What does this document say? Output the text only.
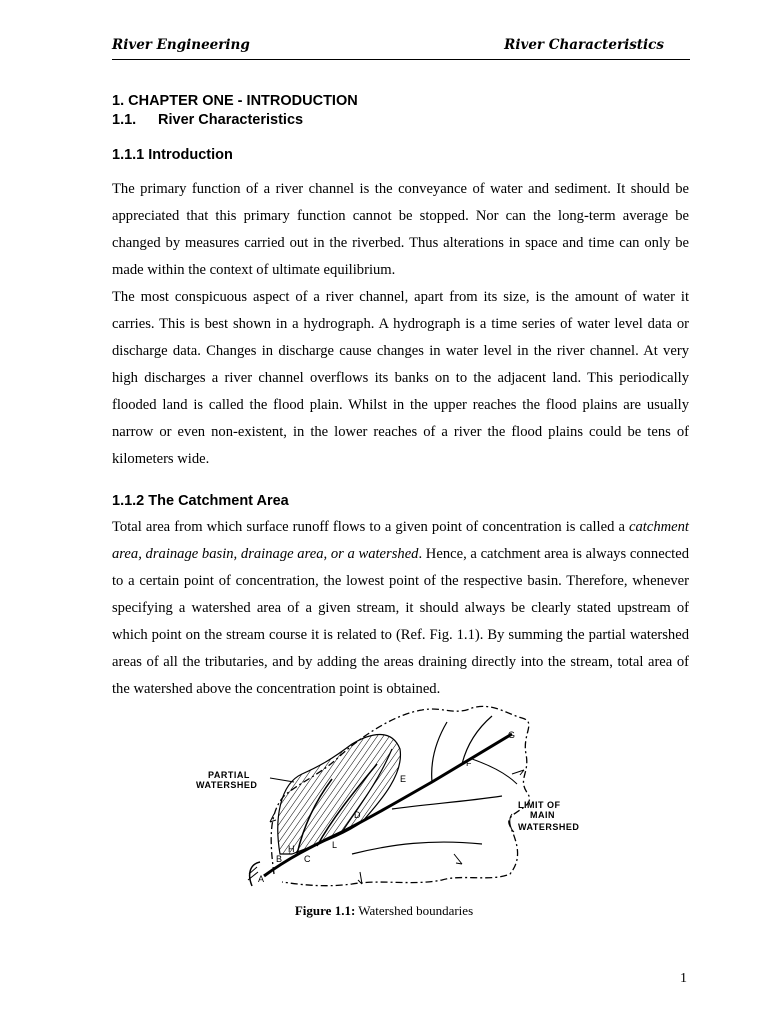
River Engineering	River Characteristics
1. CHAPTER ONE - INTRODUCTION
1.1. River Characteristics
1.1.1 Introduction
The primary function of a river channel is the conveyance of water and sediment. It should be appreciated that this primary function cannot be stopped. Nor can the long-term average be changed by measures carried out in the riverbed. Thus alterations in space and time can only be made within the context of ultimate equilibrium.
The most conspicuous aspect of a river channel, apart from its size, is the amount of water it carries. This is best shown in a hydrograph. A hydrograph is a time series of water level data or discharge data. Changes in discharge cause changes in water level in the river channel. At very high discharges a river channel overflows its banks on to the adjacent land. This periodically flooded land is called the flood plain. Whilst in the upper reaches the flood plains are usually narrow or even non-existent, in the lower reaches of a river the flood plains could be tens of kilometers wide.
1.1.2 The Catchment Area
Total area from which surface runoff flows to a given point of concentration is called a catchment area, drainage basin, drainage area, or a watershed. Hence, a catchment area is always connected to a certain point of concentration, the lowest point of the respective basin. Therefore, whenever specifying a watershed area of a given stream, it should always be clearly stated upstream of which point on the stream course it is related to (Ref. Fig. 1.1). By summing the partial watershed areas of all the tributaries, and by adding the areas draining directly into the stream, total area of the watershed above the concentration point is obtained.
PARTIAL
WATERSHED
LIMIT OF
MAIN
WATERSHED
A
B
H
C
L
D
E
F
G
Figure 1.1: Watershed boundaries
1
